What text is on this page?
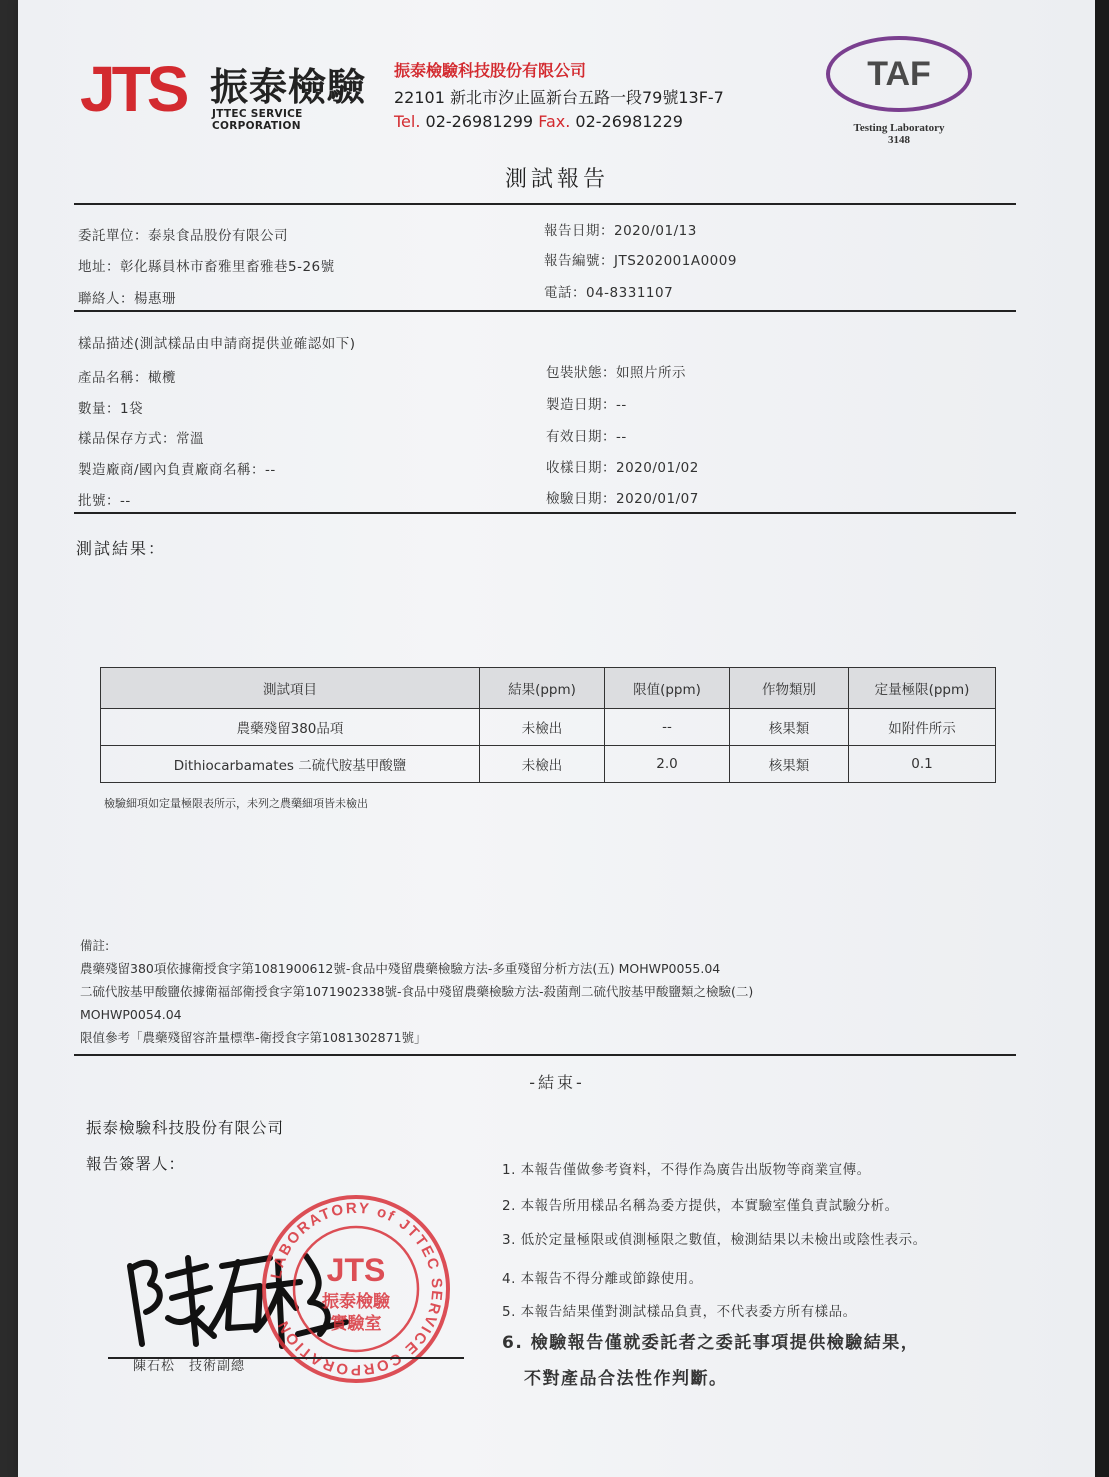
JTS 振泰檢驗
JTTEC SERVICE CORPORATION
振泰檢驗科技股份有限公司
22101 新北市汐止區新台五路一段79號13F-7
Tel. 02-26981299 Fax. 02-26981229
TAF
Testing Laboratory
3148
測試報告
委託單位：泰泉食品股份有限公司
地址：彰化縣員林市畜雅里畜雅巷5-26號
聯絡人：楊惠珊
報告日期：2020/01/13
報告編號：JTS202001A0009
電話：04-8331107
樣品描述(測試樣品由申請商提供並確認如下)
產品名稱：橄欖
數量：1袋
樣品保存方式：常溫
製造廠商/國內負責廠商名稱：--
批號：--
包裝狀態：如照片所示
製造日期：--
有效日期：--
收樣日期：2020/01/02
檢驗日期：2020/01/07
測試結果：
測試項目	結果(ppm)	限值(ppm)	作物類別	定量極限(ppm)
農藥殘留380品項	未檢出	--	核果類	如附件所示
Dithiocarbamates 二硫代胺基甲酸鹽	未檢出	2.0	核果類	0.1
檢驗細項如定量極限表所示，未列之農藥細項皆未檢出
備註:
農藥殘留380項依據衛授食字第1081900612號-食品中殘留農藥檢驗方法-多重殘留分析方法(五) MOHWP0055.04
二硫代胺基甲酸鹽依據衛福部衛授食字第1071902338號-食品中殘留農藥檢驗方法-殺菌劑二硫代胺基甲酸鹽類之檢驗(二)
MOHWP0054.04
限值參考「農藥殘留容許量標準-衛授食字第1081302871號」
-結束-
振泰檢驗科技股份有限公司
報告簽署人：
LABORATORY of JTTEC SERVICE CORPORATION
JTS
振泰檢驗
實驗室
陳石松　技術副總
1. 本報告僅做參考資料，不得作為廣告出版物等商業宣傳。
2. 本報告所用樣品名稱為委方提供，本實驗室僅負責試驗分析。
3. 低於定量極限或偵測極限之數值，檢測結果以未檢出或陰性表示。
4. 本報告不得分離或節錄使用。
5. 本報告結果僅對測試樣品負責，不代表委方所有樣品。
6. 檢驗報告僅就委託者之委託事項提供檢驗結果，
不對產品合法性作判斷。
